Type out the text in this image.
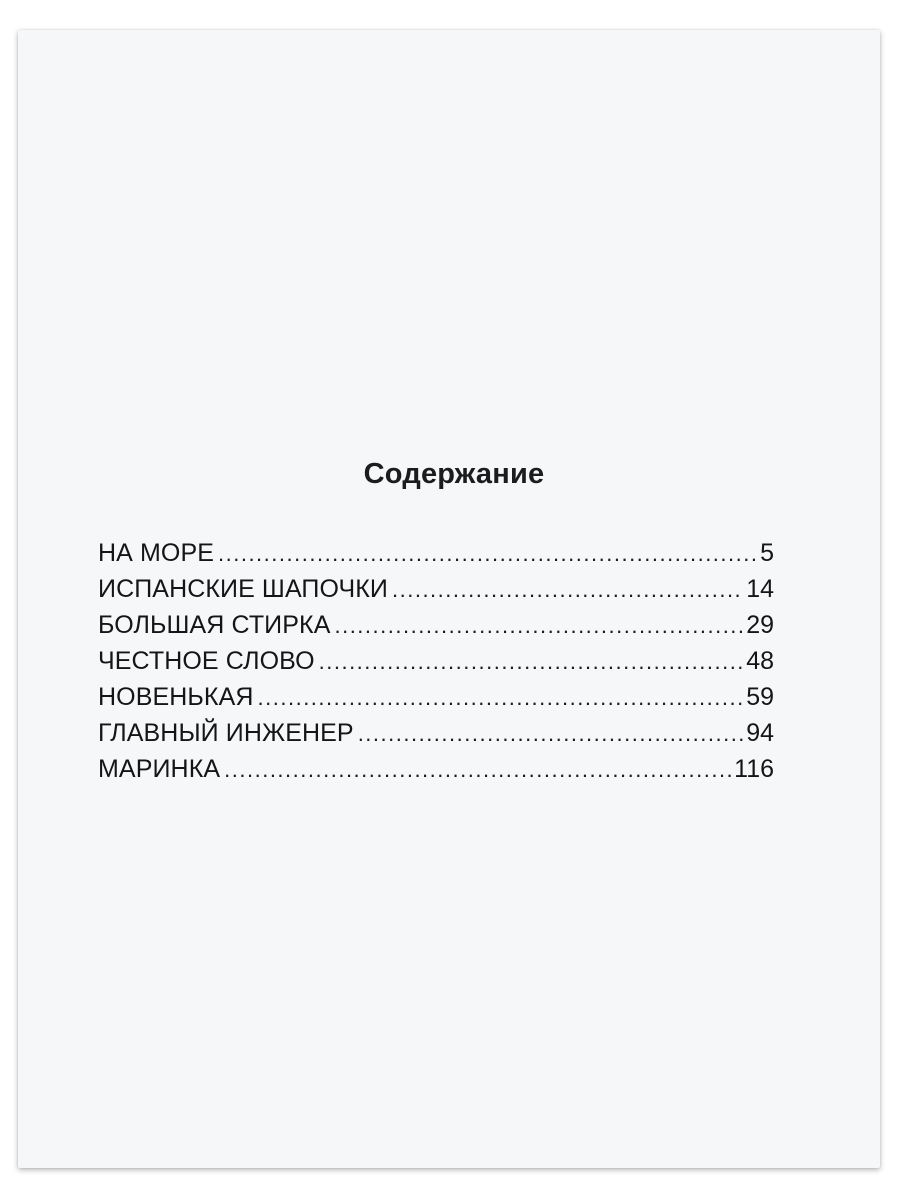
Содержание
НА МОРЕ .....	5
ИСПАНСКИЕ ШАПОЧКИ .....	14
БОЛЬШАЯ СТИРКА .....	29
ЧЕСТНОЕ СЛОВО .....	48
НОВЕНЬКАЯ .....	59
ГЛАВНЫЙ ИНЖЕНЕР .....	94
МАРИНКА .....	116
